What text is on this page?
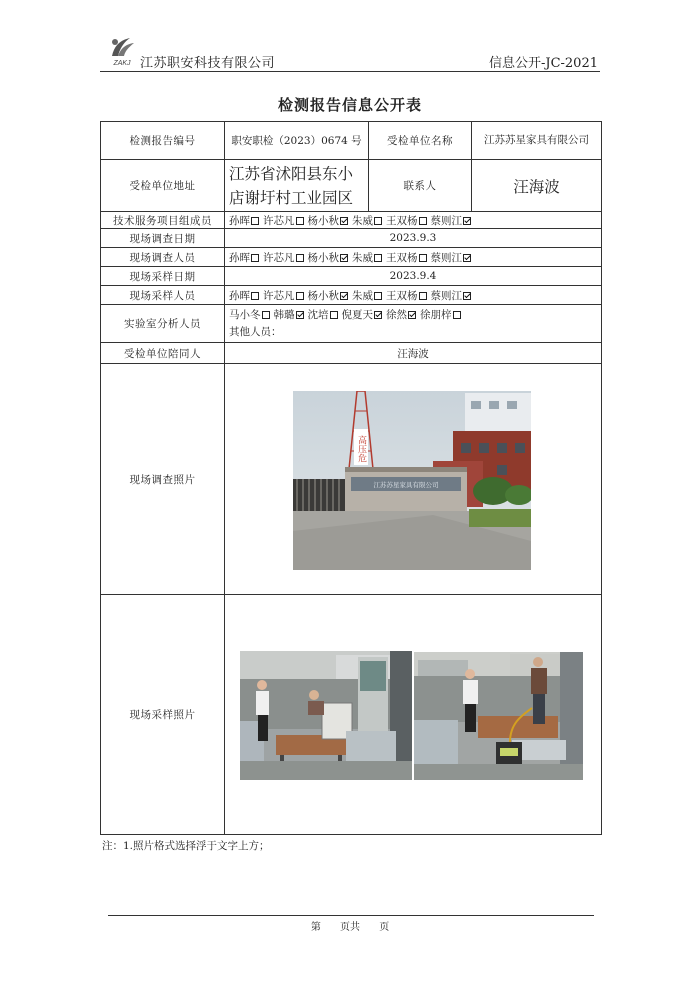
ZAKJ 江苏职安科技有限公司	信息公开-JC-2021
检测报告信息公开表
检测报告编号	职安职检（2023）0674 号	受检单位名称	江苏苏星家具有限公司
受检单位地址	江苏省沭阳县东小店谢圩村工业园区	联系人	汪海波
技术服务项目组成员	孙晖 许芯凡 杨小秋 朱威 王双杨 蔡则江		
现场调查日期	2023.9.3		
现场调查人员	孙晖 许芯凡 杨小秋 朱威 王双杨 蔡则江		
现场采样日期	2023.9.4		
现场采样人员	孙晖 许芯凡 杨小秋 朱威 王双杨 蔡则江		
实验室分析人员	马小冬 韩璐 沈培 倪夏天 徐然 徐朋梓
其他人员：		

受检单位陪同人	汪海波		
现场调查照片			
现场采样照片			
高压危
江苏苏星家具有限公司
注：1.照片格式选择浮于文字上方；
第 页共 页
